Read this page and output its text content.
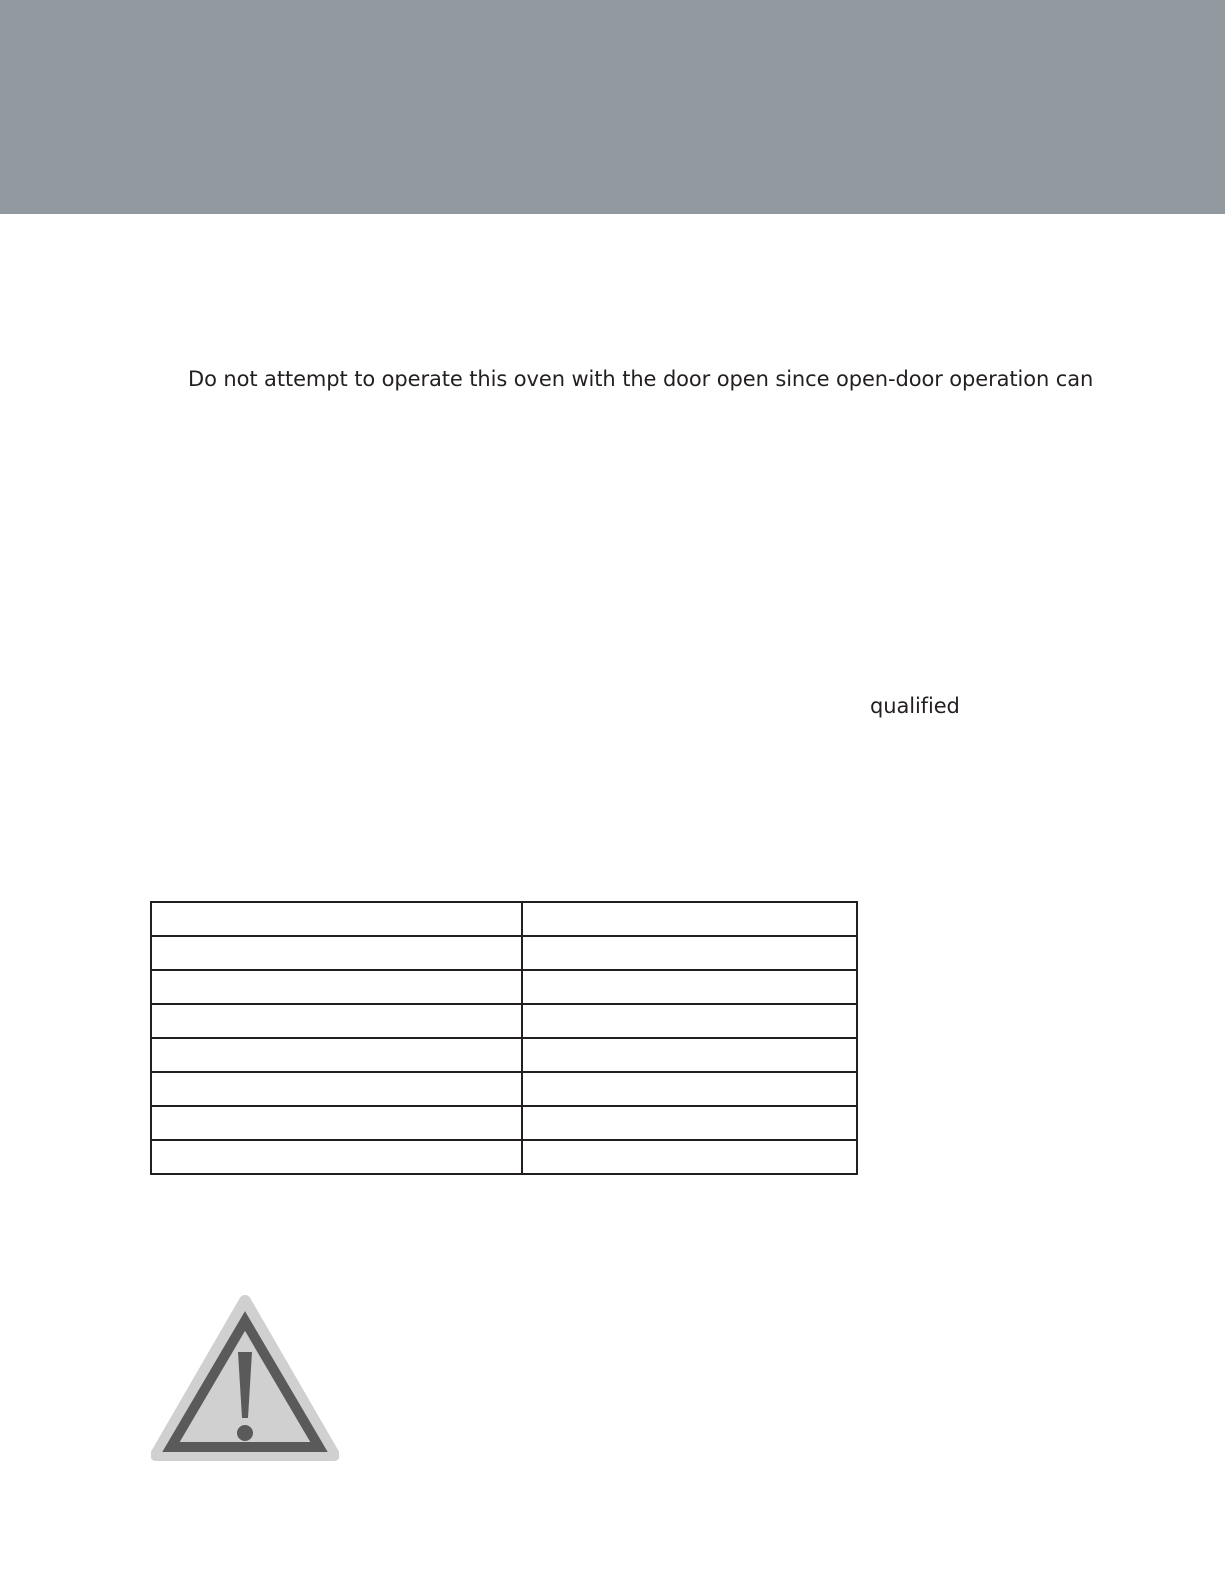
Do not attempt to operate this oven with the door open since open-door operation can
qualified
